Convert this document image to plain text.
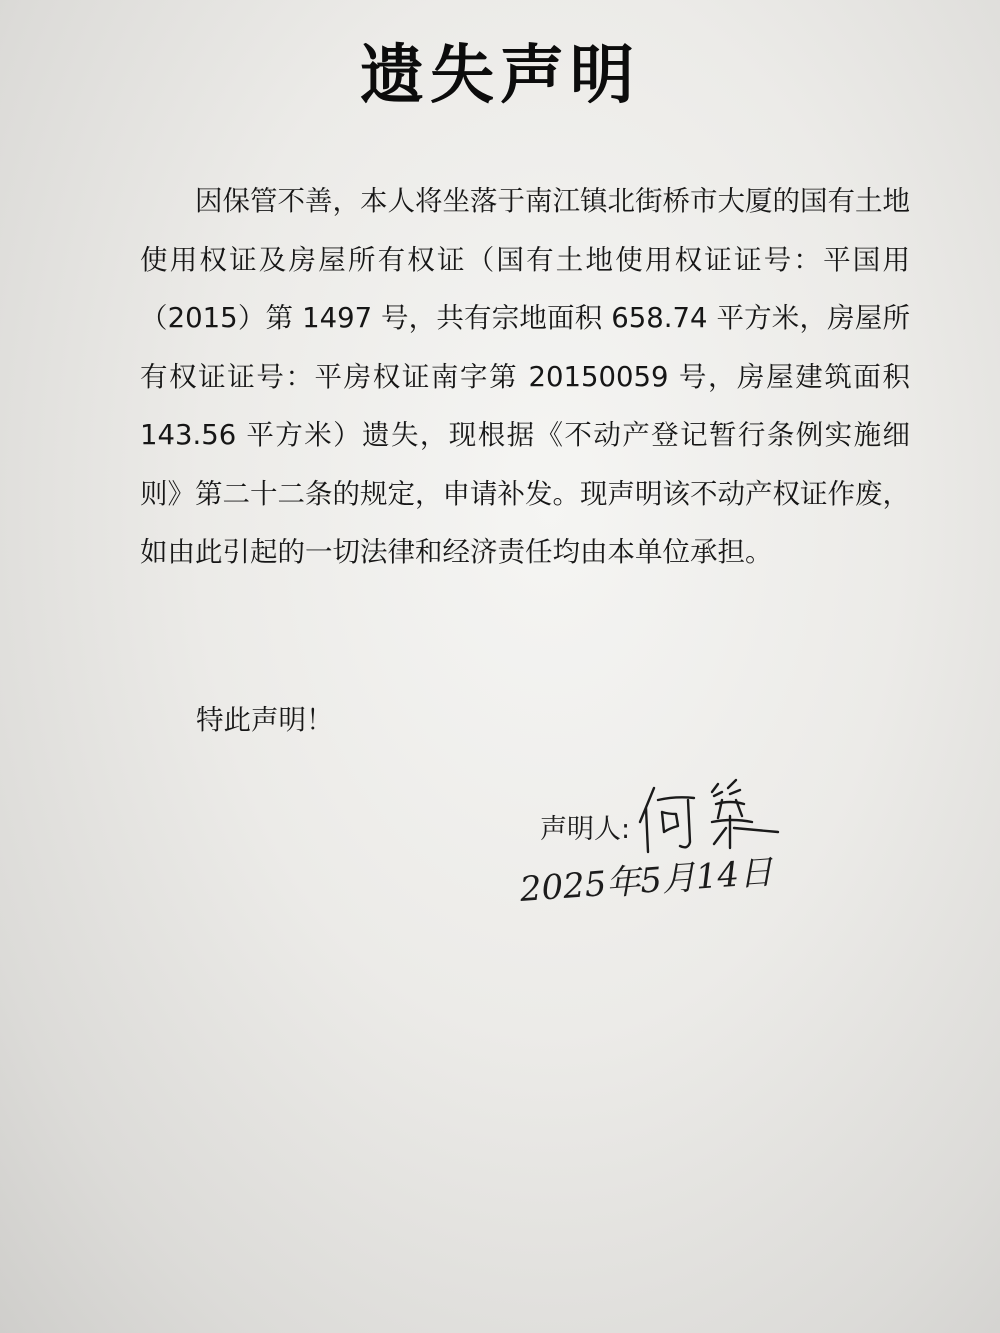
遗失声明
因保管不善，本人将坐落于南江镇北街桥市大厦的国有土地使用权证及房屋所有权证（国有土地使用权证证号：平国用（2015）第 1497 号，共有宗地面积 658.74 平方米，房屋所有权证证号：平房权证南字第 20150059 号，房屋建筑面积 143.56 平方米）遗失，现根据《不动产登记暂行条例实施细则》第二十二条的规定，申请补发。现声明该不动产权证作废，如由此引起的一切法律和经济责任均由本单位承担。
特此声明！
声明人:
2025年5月14日
